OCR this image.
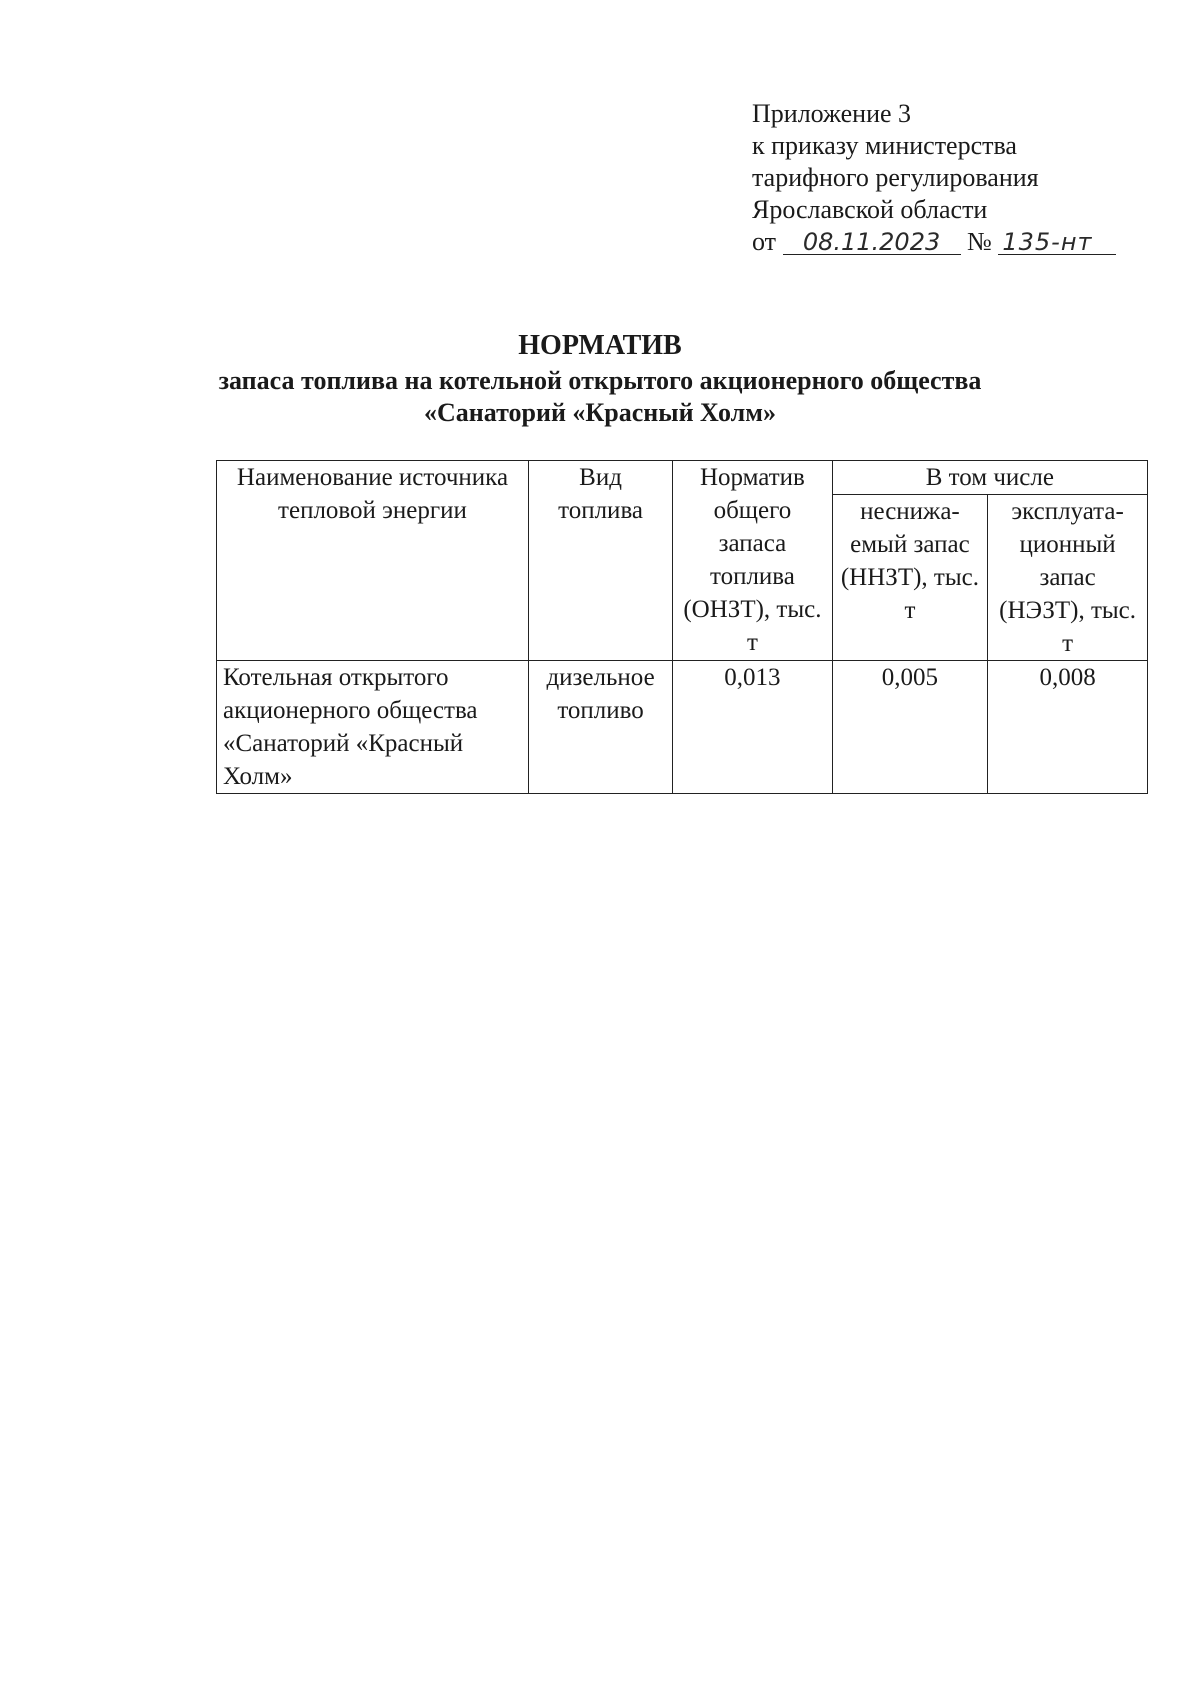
Приложение 3
к приказу министерства
тарифного регулирования
Ярославской области
от 08.11.2023 № 135-нт
НОРМАТИВ
запаса топлива на котельной открытого акционерного общества
«Санаторий «Красный Холм»
Наименование источника тепловой энергии	Вид топлива	Норматив общего запаса топлива (ОНЗТ), тыс. т	В том числе	
			неснижа-емый запас (ННЗТ), тыс. т	эксплуата-ционный запас (НЭЗТ), тыс. т
Котельная открытого акционерного общества «Санаторий «Красный Холм»	дизельное топливо	0,013	0,005	0,008
